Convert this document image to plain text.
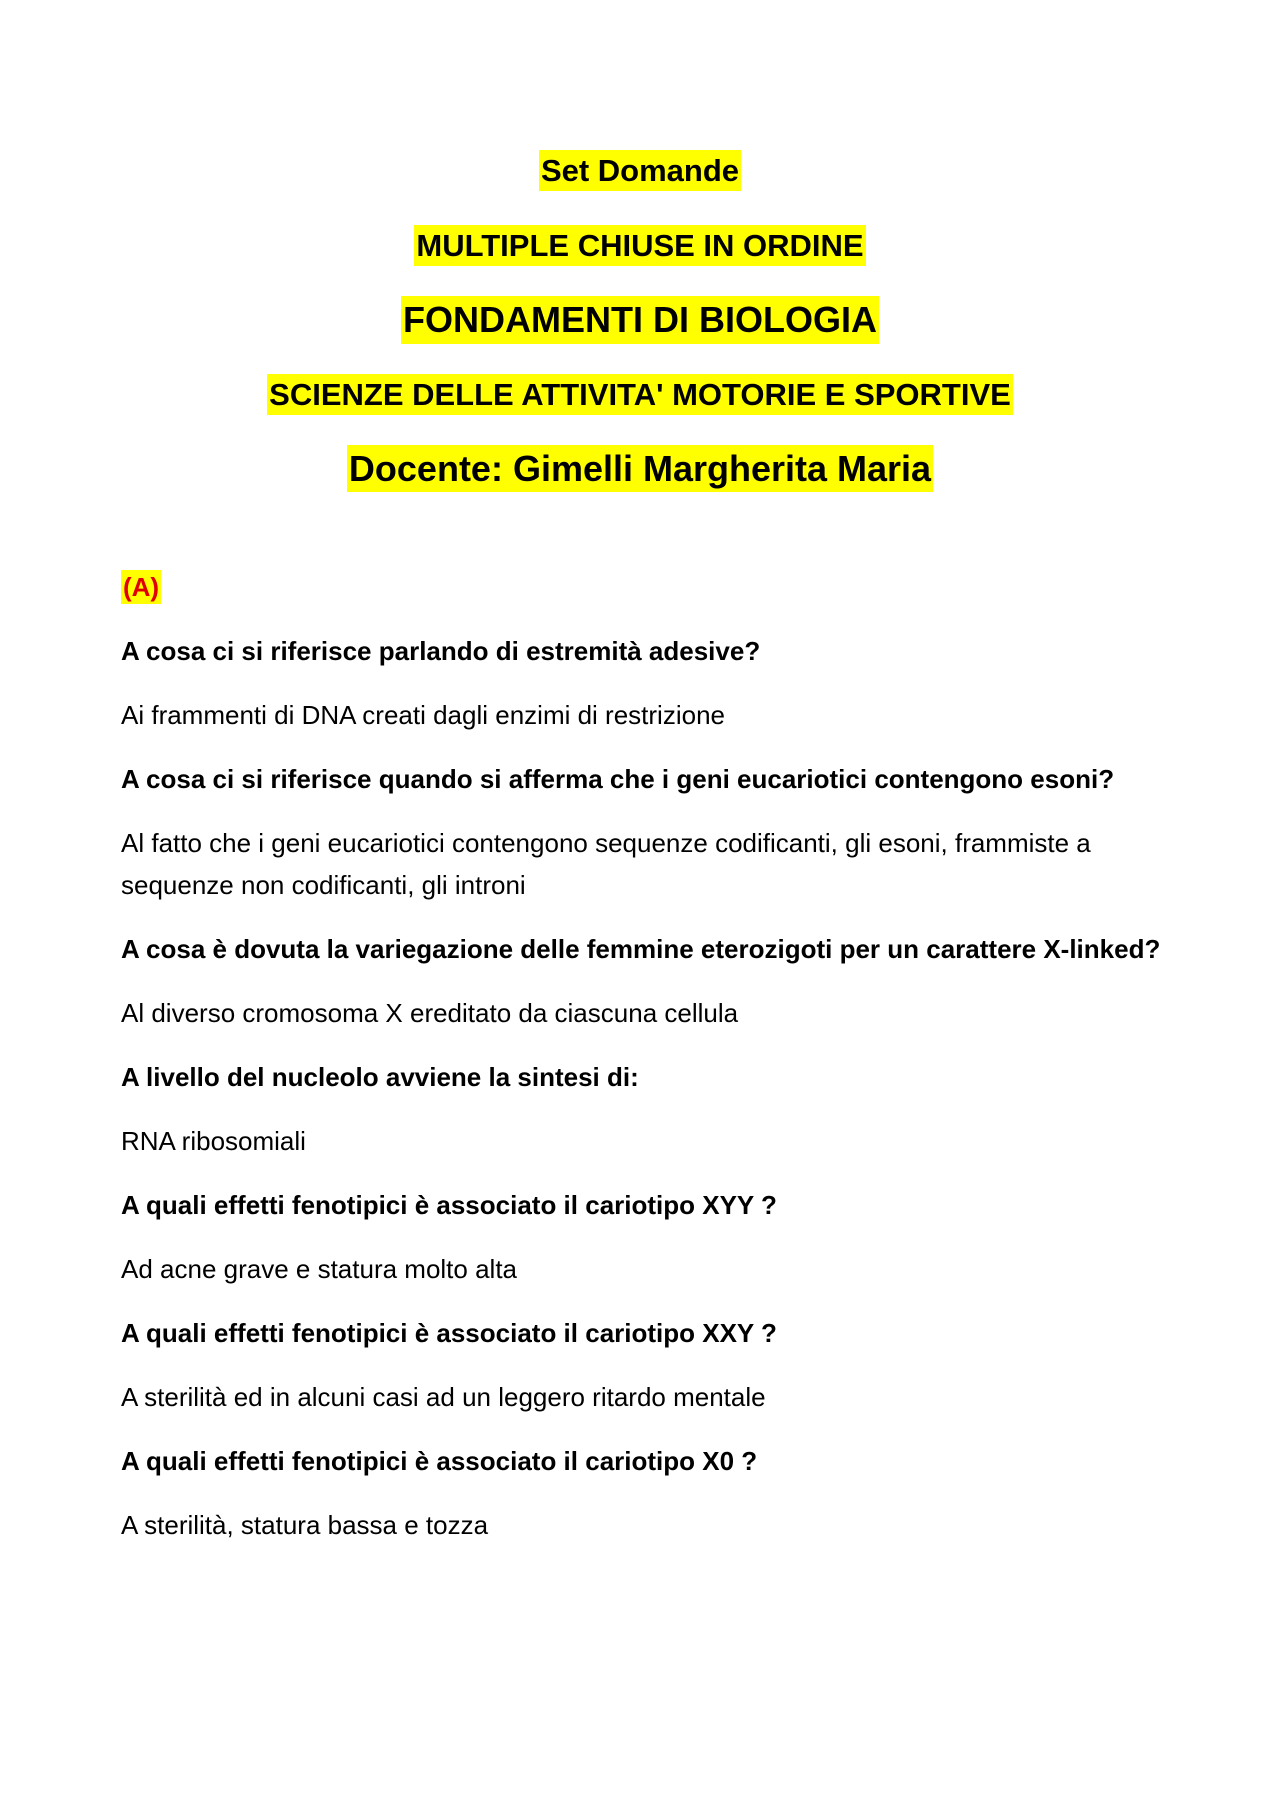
Set Domande
MULTIPLE CHIUSE IN ORDINE
FONDAMENTI DI BIOLOGIA
SCIENZE DELLE ATTIVITA' MOTORIE E SPORTIVE
Docente: Gimelli Margherita Maria
(A)

A cosa ci si riferisce parlando di estremità adesive?

Ai frammenti di DNA creati dagli enzimi di restrizione

A cosa ci si riferisce quando si afferma che i geni eucariotici contengono esoni?

Al fatto che i geni eucariotici contengono sequenze codificanti, gli esoni, frammiste a sequenze non codificanti, gli introni

A cosa è dovuta la variegazione delle femmine eterozigoti per un carattere X-linked?

Al diverso cromosoma X ereditato da ciascuna cellula

A livello del nucleolo avviene la sintesi di:

RNA ribosomiali

A quali effetti fenotipici è associato il cariotipo XYY ?

Ad acne grave e statura molto alta

A quali effetti fenotipici è associato il cariotipo XXY ?

A sterilità ed in alcuni casi ad un leggero ritardo mentale

A quali effetti fenotipici è associato il cariotipo X0 ?

A sterilità, statura bassa e tozza
